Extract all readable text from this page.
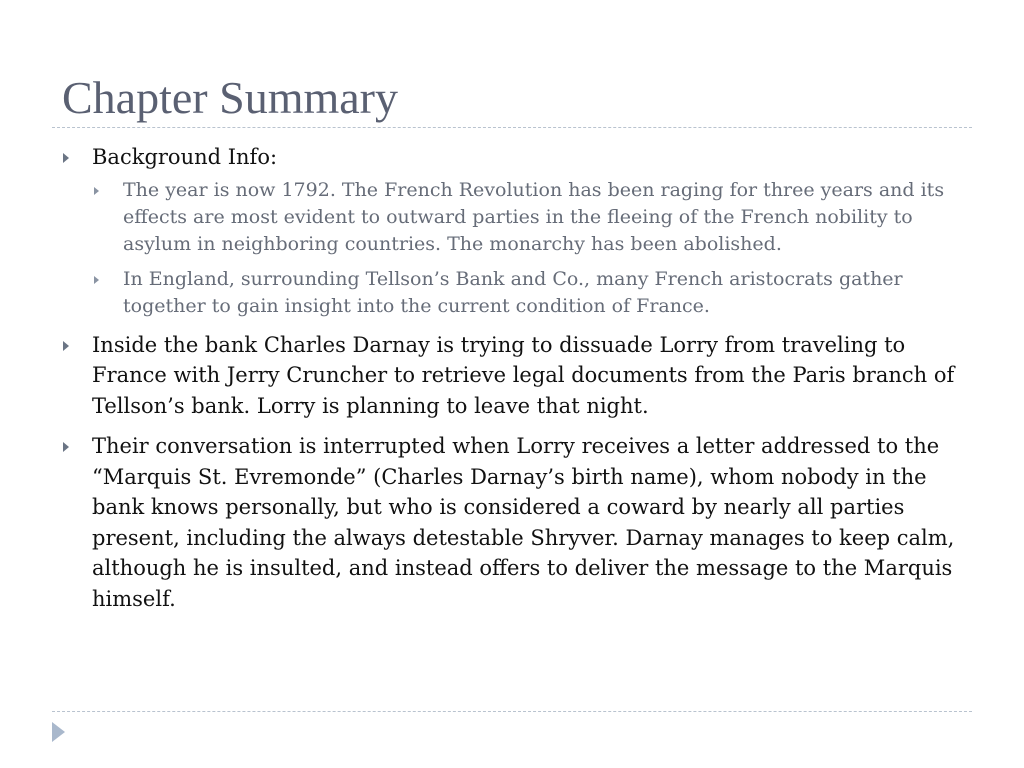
Chapter Summary
Background Info:
The year is now 1792. The French Revolution has been raging for three years and its effects are most evident to outward parties in the fleeing of the French nobility to asylum in neighboring countries. The monarchy has been abolished.
In England, surrounding Tellson’s Bank and Co., many French aristocrats gather together to gain insight into the current condition of France.
Inside the bank Charles Darnay is trying to dissuade Lorry from traveling to France with Jerry Cruncher to retrieve legal documents from the Paris branch of Tellson’s bank. Lorry is planning to leave that night.
Their conversation is interrupted when Lorry receives a letter addressed to the “Marquis St. Evremonde” (Charles Darnay’s birth name), whom nobody in the bank knows personally, but who is considered a coward by nearly all parties present, including the always detestable Shryver. Darnay manages to keep calm, although he is insulted, and instead offers to deliver the message to the Marquis himself.
